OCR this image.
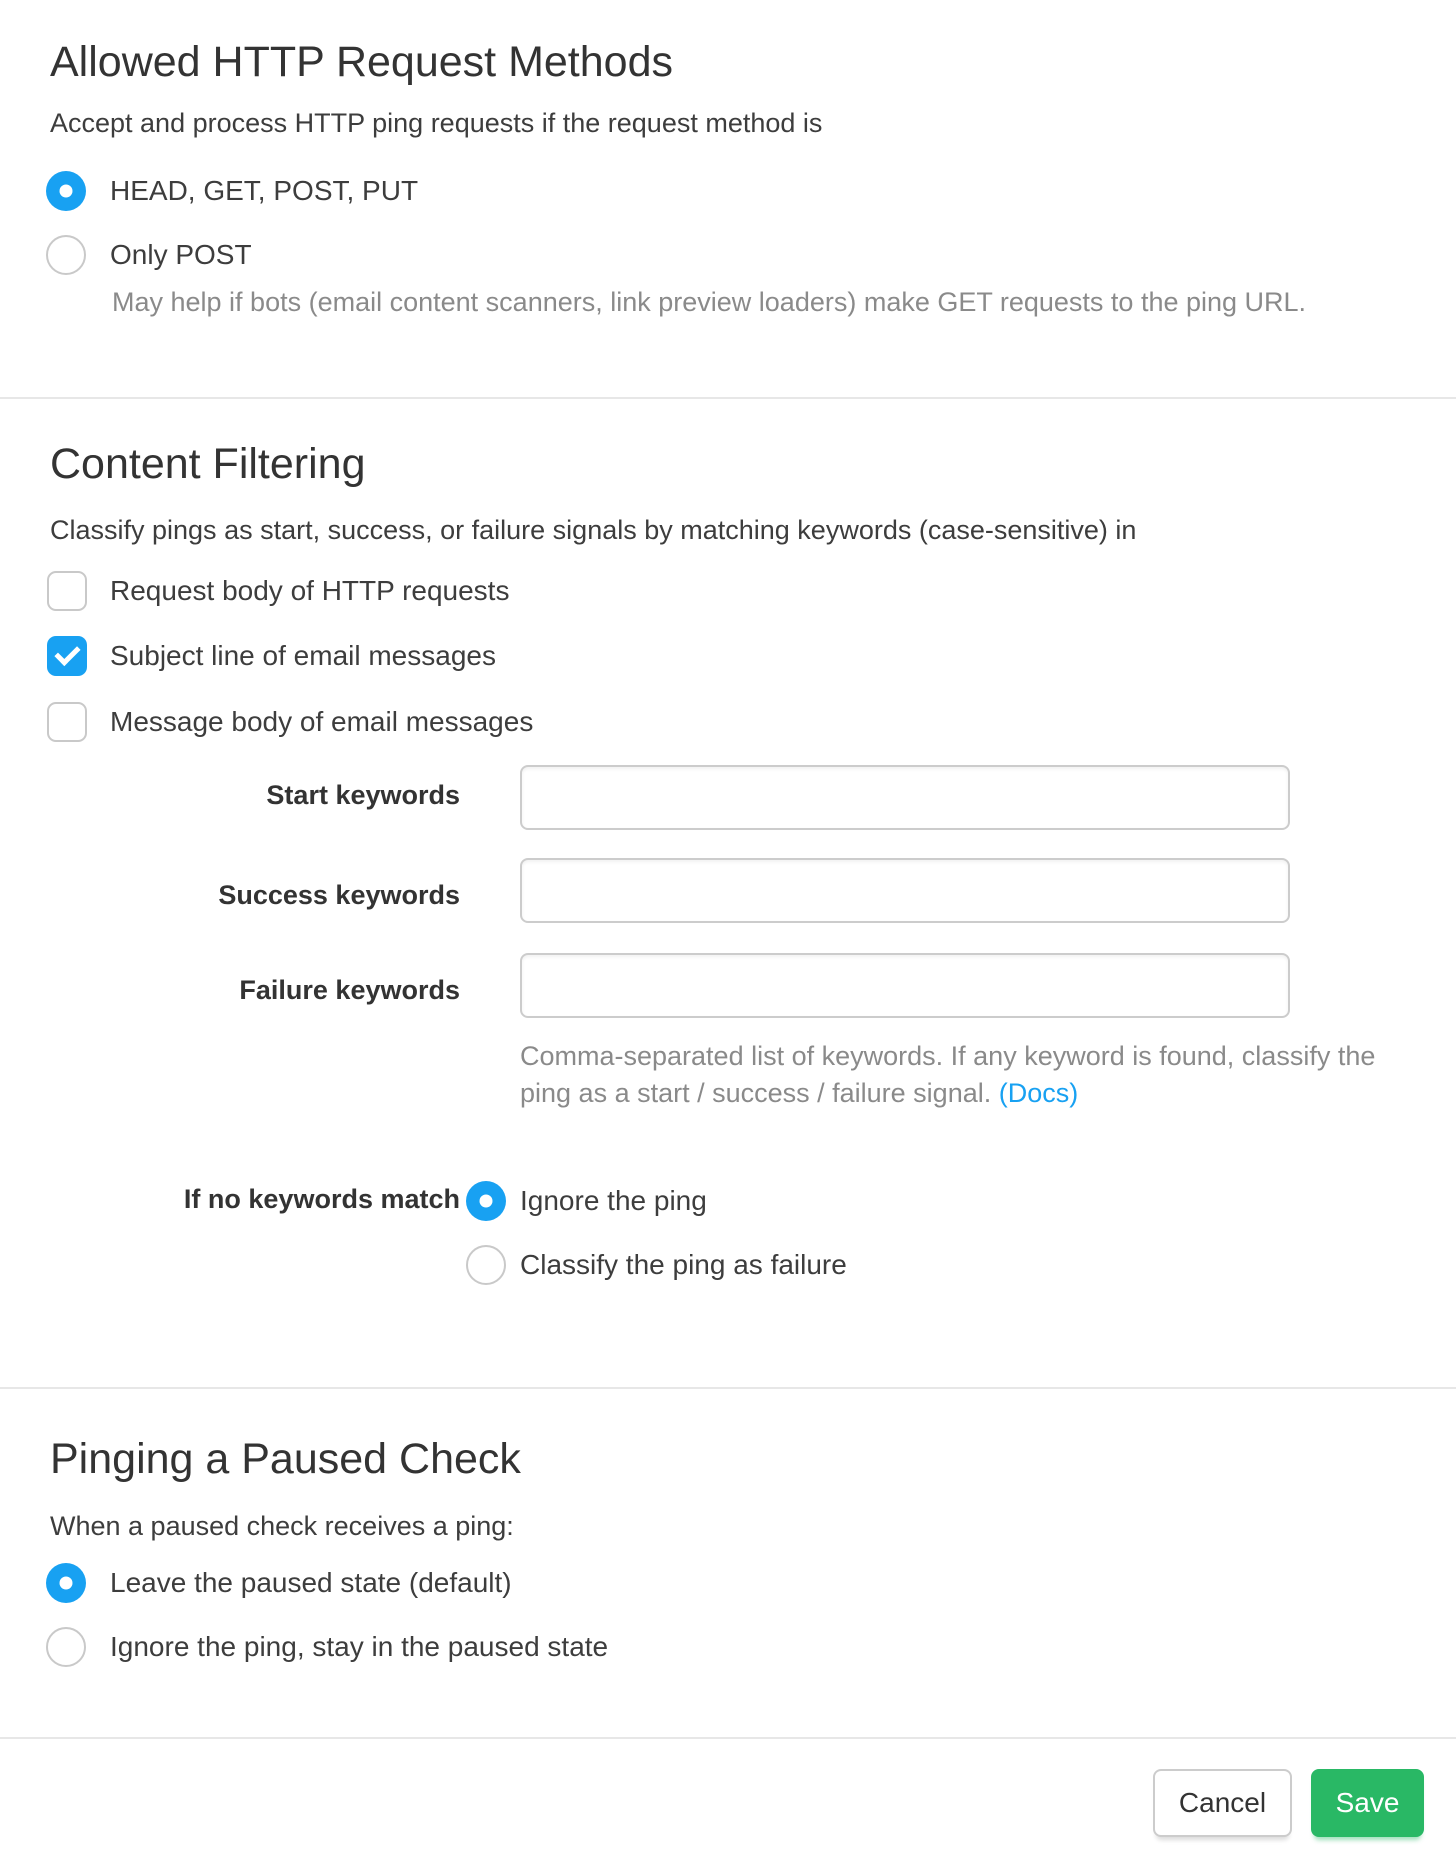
Allowed HTTP Request Methods
Accept and process HTTP ping requests if the request method is
HEAD, GET, POST, PUT
Only POST
May help if bots (email content scanners, link preview loaders) make GET requests to the ping URL.
Content Filtering
Classify pings as start, success, or failure signals by matching keywords (case-sensitive) in
Request body of HTTP requests
Subject line of email messages
Message body of email messages
Start keywords
Success keywords
Failure keywords
Comma-separated list of keywords. If any keyword is found, classify the ping as a start / success / failure signal. (Docs)
If no keywords match Ignore the ping
Classify the ping as failure
Pinging a Paused Check
When a paused check receives a ping:
Leave the paused state (default)
Ignore the ping, stay in the paused state
Cancel	Save
